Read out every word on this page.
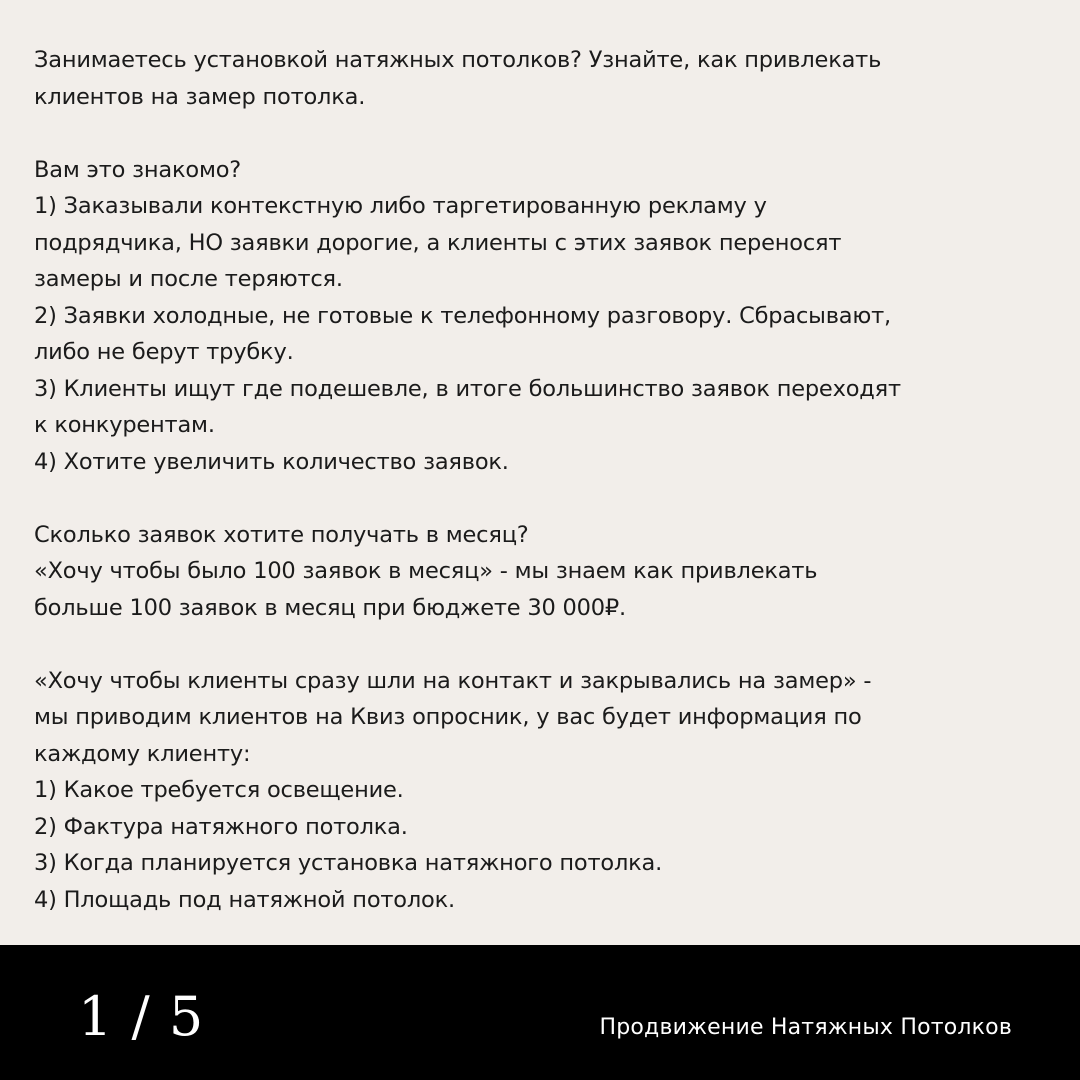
Занимаетесь установкой натяжных потолков? Узнайте, как привлекать
клиентов на замер потолка.
Вам это знакомо?
1) Заказывали контекстную либо таргетированную рекламу у
подрядчика, НО заявки дорогие, а клиенты с этих заявок переносят
замеры и после теряются.
2) Заявки холодные, не готовые к телефонному разговору. Сбрасывают,
либо не берут трубку.
3) Клиенты ищут где подешевле, в итоге большинство заявок переходят
к конкурентам.
4) Хотите увеличить количество заявок.
Сколько заявок хотите получать в месяц?
«Хочу чтобы было 100 заявок в месяц» - мы знаем как привлекать
больше 100 заявок в месяц при бюджете 30 000₽.
«Хочу чтобы клиенты сразу шли на контакт и закрывались на замер» -
мы приводим клиентов на Квиз опросник, у вас будет информация по
каждому клиенту:
1) Какое требуется освещение.
2) Фактура натяжного потолка.
3) Когда планируется установка натяжного потолка.
4) Площадь под натяжной потолок.
1 / 5	Продвижение Натяжных Потолков
